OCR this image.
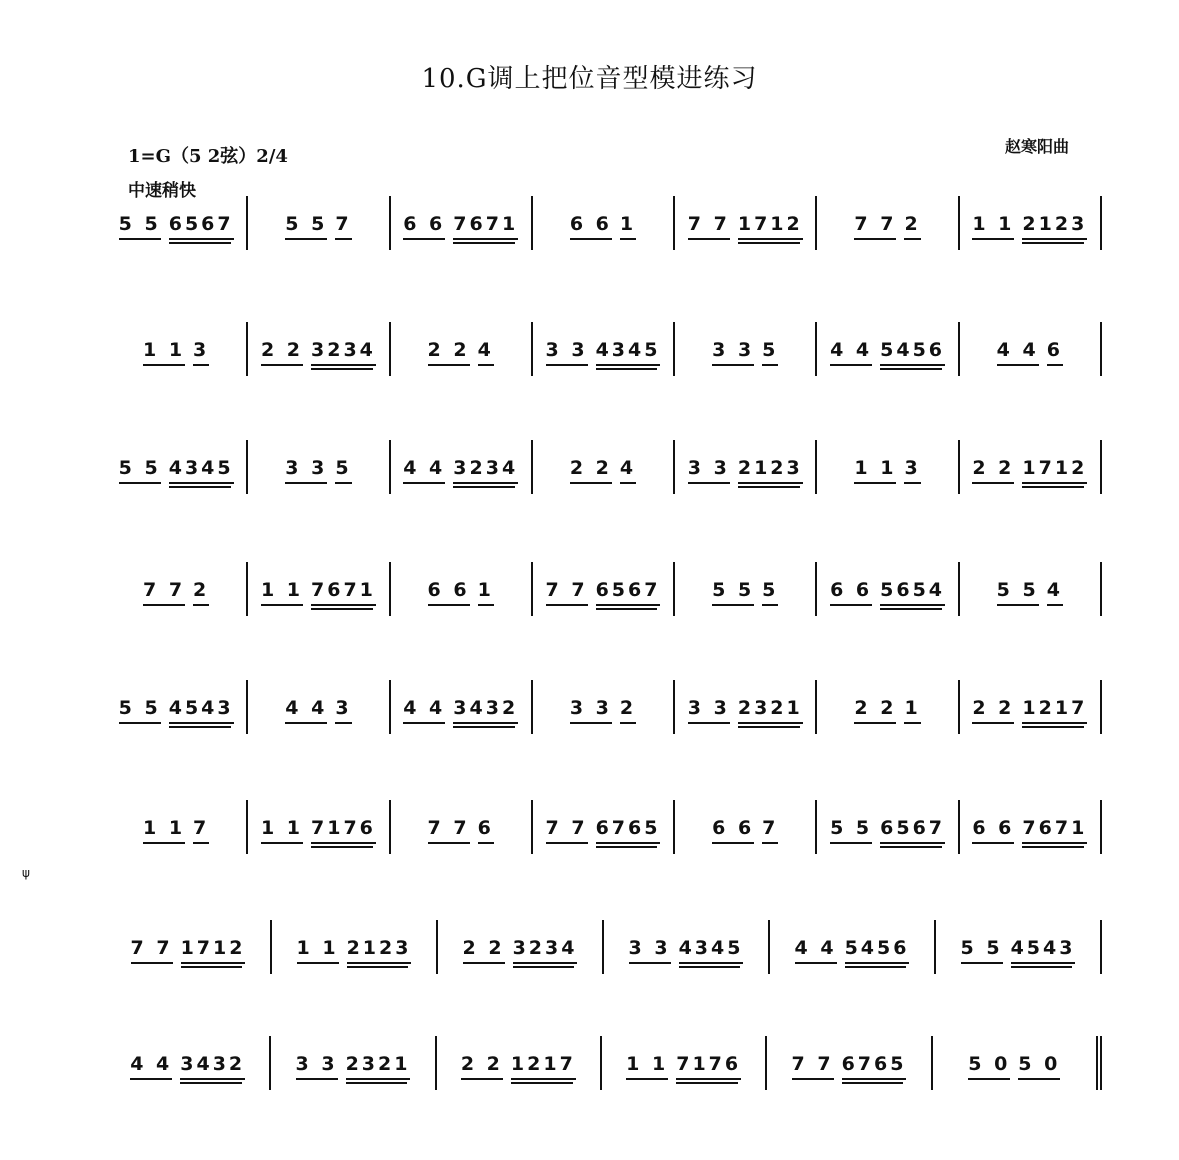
10.G调上把位音型模进练习
1=G（5 2弦）2/4	赵寒阳曲
中速稍快
5 5 6567	5 5 7	6 6 7671	6 6 1	7 7 1712	7 7 2	1 1 2123
1 1 3	2 2 3234	2 2 4	3 3 4345	3 3 5	4 4 5456	4 4 6
5 5 4345	3 3 5	4 4 3234	2 2 4	3 3 2123	1 1 3	2 2 1712
7 7 2	1 1 7671	6 6 1	7 7 6567	5 5 5	6 6 5654	5 5 4
5 5 4543	4 4 3	4 4 3432	3 3 2	3 3 2321	2 2 1	2 2 1217
1 1 7	1 1 7176	7 7 6	7 7 6765	6 6 7	5 5 6567 6 6 7671
7 7 1712	1 1 2123	2 2 3234	3 3 4345	4 4 5456	5 5 4543
4 4 3432	3 3 2321	2 2 1217	1 1 7176	7 7 6765	5 0 5 0
ψ
